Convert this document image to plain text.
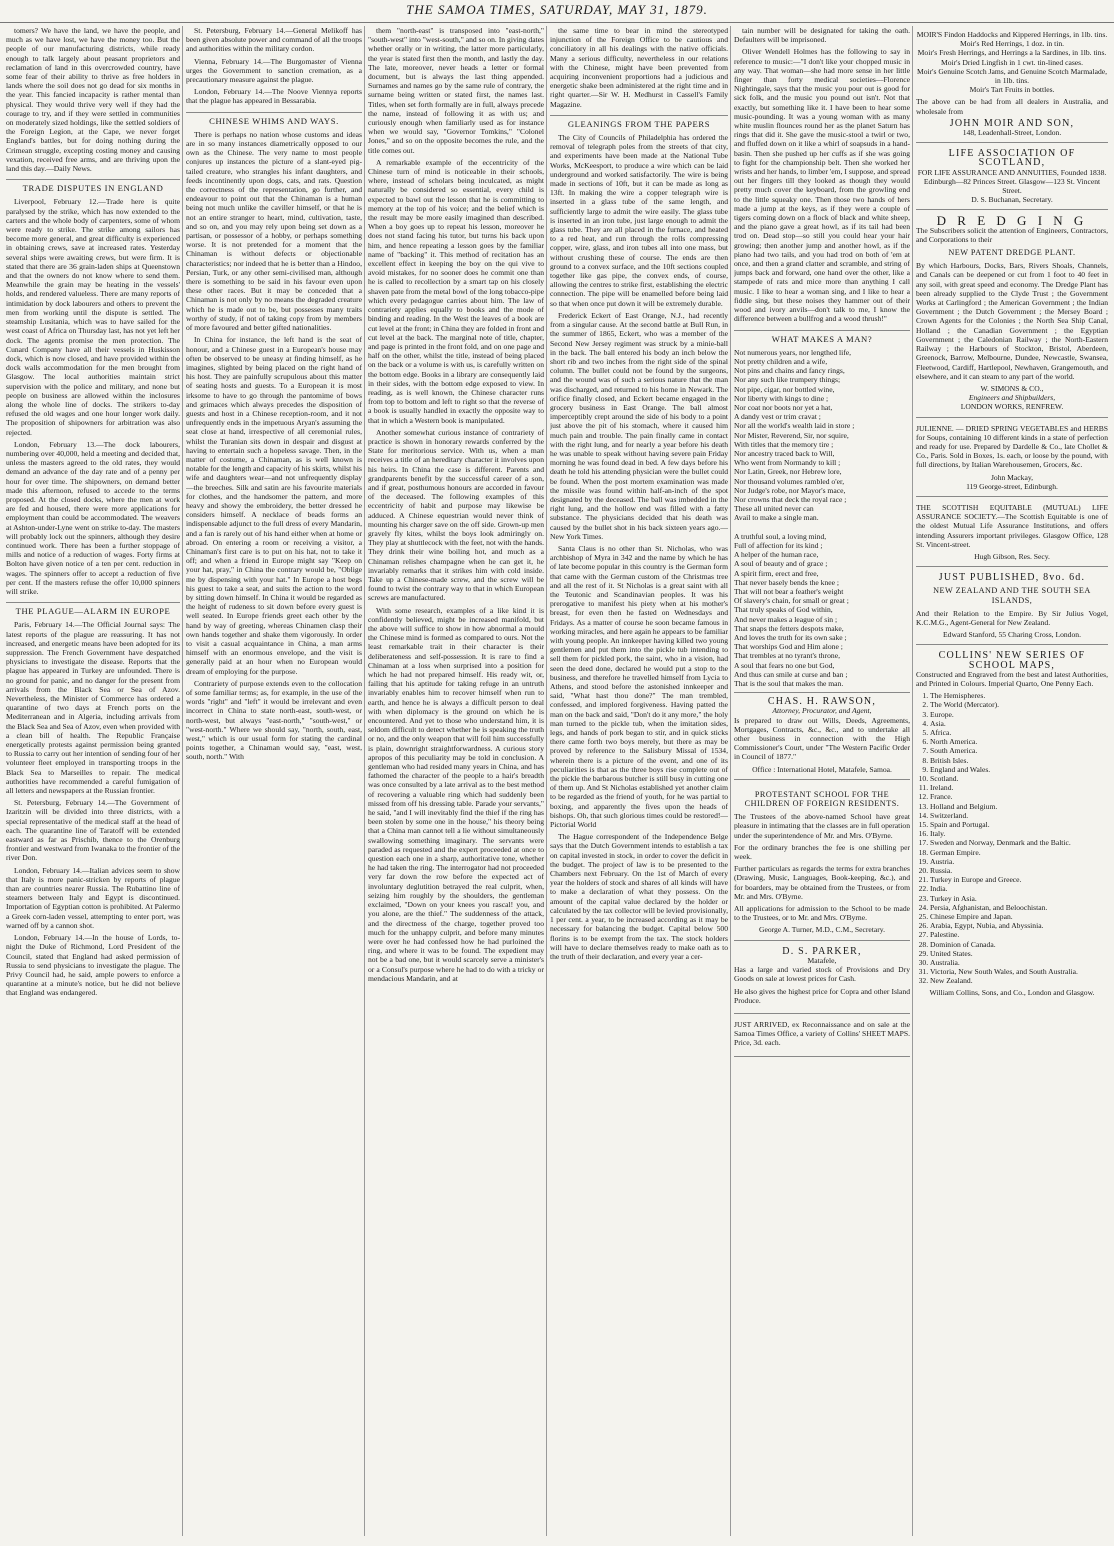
THE SAMOA TIMES, SATURDAY, MAY 31, 1879.

tomers? We have the land, we have the people, and much as we have lost, we have the money too. But the people of our manufacturing districts, while ready enough to talk largely about peasant proprietors and reclamation of land in this overcrowded country, have some fear of their ability to thrive as free holders in lands where the soil does not go dead for six months in the year. This fancied incapacity is rather mental than physical. They would thrive very well if they had the courage to try, and if they were settled in communities on moderately sized holdings, like the settled soldiers of the Foreign Legion, at the Cape, we never forget England's battles, but for doing nothing during the Crimean struggle, excepting costing money and causing vexation, received free arms, and are thriving upon the land this day.—Daily News.

TRADE DISPUTES IN ENGLAND

Liverpool, February 12.—Trade here is quite paralysed by the strike, which has now extended to the carters and the whole body of carpenters, some of whom were ready to strike. The strike among sailors has become more general, and great difficulty is experienced in obtaining crews, save at increased rates. Yesterday several ships were awaiting crews, but were firm. It is stated that there are 36 grain-laden ships at Queenstown and that the owners do not know where to send them. Meanwhile the grain may be heating in the vessels' holds, and rendered valueless. There are many reports of intimidation by dock labourers and others to prevent the men from working until the dispute is settled. The steamship Lusitania, which was to have sailed for the west coast of Africa on Thursday last, has not yet left her dock. The agents promise the men protection. The Cunard Company have all their vessels in Huskisson dock, which is now closed, and have provided within the dock walls accommodation for the men brought from Glasgow. The local authorities maintain strict supervision with the police and military, and none but people on business are allowed within the inclosures along the whole line of docks. The strikers to-day refused the old wages and one hour longer work daily. The proposition of shipowners for arbitration was also rejected.

London, February 13.—The dock labourers, numbering over 40,000, held a meeting and decided that, unless the masters agreed to the old rates, they would demand an advance of the day rate and of a penny per hour for over time. The shipowners, on demand better made this afternoon, refused to accede to the terms proposed. At the closed docks, where the men at work are fed and housed, there were more applications for employment than could be accommodated. The weavers at Ashton-under-Lyne went on strike to-day. The masters will probably lock out the spinners, although they desire continued work. There has been a further stoppage of mills and notice of a reduction of wages. Forty firms at Bolton have given notice of a ten per cent. reduction in wages. The spinners offer to accept a reduction of five per cent. If the masters refuse the offer 10,000 spinners will strike.

THE PLAGUE—ALARM IN EUROPE

Paris, February 14.—The Official Journal says: The latest reports of the plague are reassuring. It has not increased, and energetic means have been adopted for its suppression. The French Government have despatched physicians to investigate the disease. Reports that the plague has appeared in Turkey are unfounded. There is no ground for panic, and no danger for the present from arrivals from the Black Sea or Sea of Azov. Nevertheless, the Minister of Commerce has ordered a quarantine of two days at French ports on the Mediterranean and in Algeria, including arrivals from the Black Sea and Sea of Azov, even when provided with a clean bill of health. The Republic Française energetically protests against permission being granted to Russia to carry out her intention of sending four of her volunteer fleet employed in transporting troops in the Black Sea to Marseilles to repair. The medical authorities have recommended a careful fumigation of all letters and newspapers at the Russian frontier.

St. Petersburg, February 14.—The Government of Izaritzin will be divided into three districts, with a special representative of the medical staff at the head of each. The quarantine line of Taratoff will be extended eastward as far as Prischib, thence to the Orenburg frontier and westward from Iwanaka to the frontier of the river Don.

London, February 14.—Italian advices seem to show that Italy is more panic-stricken by reports of plague than are countries nearer Russia. The Rubattino line of steamers between Italy and Egypt is discontinued. Importation of Egyptian cotton is prohibited. At Palermo a Greek corn-laden vessel, attempting to enter port, was warned off by a cannon shot.

London, February 14.—In the house of Lords, to-night the Duke of Richmond, Lord President of the Council, stated that England had asked permission of Russia to send physicians to investigate the plague. The Privy Council had, he said, ample powers to enforce a quarantine at a minute's notice, but he did not believe that England was endangered.

St. Petersburg, February 14.—General Melikoff has been given absolute power and command of all the troops and authorities within the military cordon.

Vienna, February 14.—The Burgomaster of Vienna urges the Government to sanction cremation, as a precautionary measure against the plague.

London, February 14.—The Noove Viennya reports that the plague has appeared in Bessarabia.

CHINESE WHIMS AND WAYS.

There is perhaps no nation whose customs and ideas are in so many instances diametrically opposed to our own as the Chinese. The very name to most people conjures up instances the picture of a slant-eyed pig-tailed creature, who strangles his infant daughters, and feeds incontinently upon dogs, cats, and rats. Question the correctness of the representation, go further, and endeavour to point out that the Chinaman is a human being not much unlike the caviller himself, or that he is not an entire stranger to heart, mind, cultivation, taste, and so on, and you may rely upon being set down as a partisan, or possessor of a hobby, or perhaps something worse. It is not pretended for a moment that the Chinaman is without defects or objectionable characteristics; nor indeed that he is better than a Hindoo, Persian, Turk, or any other semi-civilised man, although there is something to be said in his favour even upon these other races. But it may be conceded that a Chinaman is not only by no means the degraded creature which he is made out to be, but possesses many traits worthy of study, if not of taking copy from by members of more favoured and better gifted nationalities.

In China for instance, the left hand is the seat of honour, and a Chinese guest in a European's house may often be observed to be uneasy at finding himself, as he imagines, slighted by being placed on the right hand of his host. They are painfully scrupulous about this matter of seating hosts and guests. To a European it is most irksome to have to go through the pantomime of bows and grimaces which always precedes the disposition of guests and host in a Chinese reception-room, and it not unfrequently ends in the impetuous Aryan's assuming the seat close at hand, irrespective of all ceremonial rules, whilst the Turanian sits down in despair and disgust at having to entertain such a hopeless savage. Then, in the matter of costume, a Chinaman, as is well known is notable for the length and capacity of his skirts, whilst his wife and daughters wear—and not unfrequently display—the breeches. Silk and satin are his favourite materials for clothes, and the handsomer the pattern, and more heavy and showy the embroidery, the better dressed he considers himself. A necklace of beads forms an indispensable adjunct to the full dress of every Mandarin, and a fan is rarely out of his hand either when at home or abroad. On entering a room or receiving a visitor, a Chinaman's first care is to put on his hat, not to take it off; and when a friend in Europe might say "Keep on your hat, pray," in China the contrary would be, "Oblige me by dispensing with your hat." In Europe a host begs his guest to take a seat, and suits the action to the word by sitting down himself. In China it would be regarded as the height of rudeness to sit down before every guest is well seated. In Europe friends greet each other by the hand by way of greeting, whereas Chinamen clasp their own hands together and shake them vigorously. In order to visit a casual acquaintance in China, a man arms himself with an enormous envelope, and the visit is generally paid at an hour when no European would dream of employing for the purpose.

Contrariety of purpose extends even to the collocation of some familiar terms; as, for example, in the use of the words "right" and "left" it would be irrelevant and even incorrect in China to state north-east, south-west, or north-west, but always "east-north," "south-west," or "west-north." Where we should say, "north, south, east, west," which is our usual form for stating the cardinal points together, a Chinaman would say, "east, west, south, north." With

them "north-east" is transposed into "east-north," "south-west" into "west-south," and so on. In giving dates whether orally or in writing, the latter more particularly, the year is stated first then the month, and lastly the day. The late, moreover, never heads a letter or formal document, but is always the last thing appended. Surnames and names go by the same rule of contrary, the surname being written or stated first, the names last. Titles, when set forth formally are in full, always precede the name, instead of following it as with us; and curiously enough when familiarly used as for instance when we would say, "Governor Tomkins," "Colonel Jones," and so on the opposite becomes the rule, and the title comes out.

A remarkable example of the eccentricity of the Chinese turn of mind is noticeable in their schools, where, instead of scholars being inculcated, as might naturally be considered so essential, every child is expected to bawl out the lesson that he is committing to memory at the top of his voice; and the belief which is the result may be more easily imagined than described. When a boy goes up to repeat his lesson, moreover he does not stand facing his tutor, but turns his back upon him, and hence repeating a lesson goes by the familiar name of "backing" it. This method of recitation has an excellent effect in keeping the boy on the qui vive to avoid mistakes, for no sooner does he commit one than he is called to recollection by a smart tap on his closely shaven pate from the metal bowl of the long tobacco-pipe which every pedagogue carries about him. The law of contrariety applies equally to books and the mode of binding and reading. In the West the leaves of a book are cut level at the front; in China they are folded in front and cut level at the back. The marginal note of title, chapter, and page is printed in the front fold, and on one page and half on the other, whilst the title, instead of being placed on the back or a volume is with us, is carefully written on the bottom edge. Books in a library are consequently laid in their sides, with the bottom edge exposed to view. In reading, as is well known, the Chinese character runs from top to bottom and left to right so that the reverse of a book is usually handled in exactly the opposite way to that in which a Western book is manipulated.

Another somewhat curious instance of contrariety of practice is shown in honorary rewards conferred by the State for meritorious service. With us, when a man receives a title of an hereditary character it involves upon his heirs. In China the case is different. Parents and grandparents benefit by the successful career of a son, and if great, posthumous honours are accorded in favour of the deceased. The following examples of this eccentricity of habit and purpose may likewise be adduced. A Chinese equestrian would never think of mounting his charger save on the off side. Grown-up men gravely fly kites, whilst the boys look admiringly on. They play at shuttlecock with the feet, not with the hands. They drink their wine boiling hot, and much as a Chinaman relishes champagne when he can get it, he invariably remarks that it strikes him with cold inside. Take up a Chinese-made screw, and the screw will be found to twist the contrary way to that in which European screws are manufactured.

With some research, examples of a like kind it is confidently believed, might be increased manifold, but the above will suffice to show in how abnormal a mould the Chinese mind is formed as compared to ours. Not the least remarkable trait in their character is their deliberateness and self-possession. It is rare to find a Chinaman at a loss when surprised into a position for which he had not prepared himself. His ready wit, or, failing that his aptitude for taking refuge in an untruth invariably enables him to recover himself when run to earth, and hence he is always a difficult person to deal with when diplomacy is the ground on which he is encountered. And yet to those who understand him, it is seldom difficult to detect whether he is speaking the truth or no, and the only weapon that will foil him successfully is plain, downright straightforwardness. A curious story apropos of this peculiarity may be told in conclusion. A gentleman who had resided many years in China, and has fathomed the character of the people to a hair's breadth was once consulted by a late arrival as to the best method of recovering a valuable ring which had suddenly been missed from off his dressing table. Parade your servants," he said, "and I will inevitably find the thief if the ring has been stolen by some one in the house," his theory being that a China man cannot tell a lie without simultaneously swallowing something imaginary. The servants were paraded as requested and the expert proceeded at once to question each one in a sharp, authoritative tone, whether he had taken the ring. The interrogator had not proceeded very far down the row before the expected act of involuntary deglutition betrayed the real culprit, when, seizing him roughly by the shoulders, the gentleman exclaimed, "Down on your knees you rascal! you, and you alone, are the thief." The suddenness of the attack, and the directness of the charge, together proved too much for the unhappy culprit, and before many minutes were over he had confessed how he had purloined the ring, and where it was to be found. The expedient may not be a bad one, but it would scarcely serve a minister's or a Consul's purpose where he had to do with a tricky or mendacious Mandarin, and at

the same time to bear in mind the stereotyped injunction of the Foreign Office to be cautious and conciliatory in all his dealings with the native officials. Many a serious difficulty, nevertheless in our relations with the Chinese, might have been prevented from acquiring inconvenient proportions had a judicious and energetic shake been administered at the right time and in right quarter.—Sir W. H. Medhurst in Cassell's Family Magazine.

GLEANINGS FROM THE PAPERS

The City of Councils of Philadelphia has ordered the removal of telegraph poles from the streets of that city, and experiments have been made at the National Tube Works, McKeesport, to produce a wire which can be laid underground and worked satisfactorily. The wire is being made in sections of 10ft, but it can be made as long as 13ft. In making the wire a copper telegraph wire is inserted in a glass tube of the same length, and sufficiently large to admit the wire easily. The glass tube is inserted in an iron tube, just large enough to admit the glass tube. They are all placed in the furnace, and heated to a red heat, and run through the rolls compressing copper, wire, glass, and iron tubes all into one mass, but without crushing these of course. The ends are then ground to a convex surface, and the 10ft sections coupled together like gas pipe, the convex ends, of course, allowing the centres to strike first, establishing the electric connection. The pipe will be enamelled before being laid so that when once put down it will be extremely durable.

Frederick Eckert of East Orange, N.J., had recently from a singular cause. At the second battle at Bull Run, in the summer of 1865, Eckert, who was a member of the Second New Jersey regiment was struck by a minie-ball in the back. The ball entered his body an inch below the short rib and two inches from the right side of the spinal column. The bullet could not be found by the surgeons, and the wound was of such a serious nature that the man was discharged, and returned to his home in Newark. The orifice finally closed, and Eckert became engaged in the grocery business in East Orange. The ball almost imperceptibly crept around the side of his body to a point just above the pit of his stomach, where it caused him much pain and trouble. The pain finally came in contact with the right lung, and for nearly a year before his death he was unable to speak without having severe pain Friday morning he was found dead in bed. A few days before his death he told his attending physician were the bullet could be found. When the post mortem examination was made the missile was found within half-an-inch of the spot designated by the deceased. The ball was imbedded in the right lung, and the hollow end was filled with a fatty substance. The physicians decided that his death was caused by the bullet shot in his back sixteen years ago.—New York Times.

Santa Claus is no other than St. Nicholas, who was archbishop of Myra in 342 and the name by which he has of late become popular in this country is the German form that came with the German custom of the Christmas tree and all the rest of it. St Nicholas is a great saint with all the Teutonic and Scandinavian peoples. It was his prerogative to manifest his piety when at his mother's breast, for even then he fasted on Wednesdays and Fridays. As a matter of course he soon became famous in working miracles, and here again he appears to be familiar with young people. An innkeeper having killed two young gentlemen and put them into the pickle tub intending to sell them for pickled pork, the saint, who in a vision, had seen the deed done, declared he would put a stop to the business, and therefore he travelled himself from Lycia to Athens, and stood before the astonished innkeeper and said, "What hast thou done?" The man trembled, confessed, and implored forgiveness. Having patted the man on the back and said, "Don't do it any more," the holy man turned to the pickle tub, when the imitation sides, legs, and hands of pork began to stir, and in quick sticks there came forth two boys merely, but there as may be proved by reference to the Salisbury Missal of 1534, wherein there is a picture of the event, and one of its peculiarities is that as the three boys rise complete out of the pickle the barbarous butcher is still busy in cutting one of them up. And St Nicholas established yet another claim to be regarded as the friend of youth, for he was partial to boxing, and apparently the fives upon the heads of bishops. Oh, that such glorious times could be restored!—Pictorial World

The Hague correspondent of the Independence Belge says that the Dutch Government intends to establish a tax on capital invested in stock, in order to cover the deficit in the budget. The project of law is to be presented to the Chambers next February. On the 1st of March of every year the holders of stock and shares of all kinds will have to make a declaration of what they possess. On the amount of the capital value declared by the holder or calculated by the tax collector will be levied provisionally, 1 per cent. a year, to be increased according as it may be necessary for balancing the budget. Capital below 500 florins is to be exempt from the tax. The stock holders will have to declare themselves ready to make oath as to the truth of their declaration, and every year a cer-

tain number will be designated for taking the oath. Defaulters will be imprisoned.

Oliver Wendell Holmes has the following to say in reference to music:—"I don't like your chopped music in any way. That woman—she had more sense in her little finger than forty medical societies—Florence Nightingale, says that the music you pour out is good for sick folk, and the music you pound out isn't. Not that exactly, but something like it. I have been to hear some music-pounding. It was a young woman with as many white muslin flounces round her as the planet Saturn has rings that did it. She gave the music-stool a twirl or two, and fluffed down on it like a whirl of soapsuds in a hand-basin. Then she pushed up her cuffs as if she was going to fight for the championship belt. Then she worked her wrists and her hands, to limber 'em, I suppose, and spread out her fingers till they looked as though they would pretty much cover the keyboard, from the growling end to the little squeaky one. Then those two hands of hers made a jump at the keys, as if they were a couple of tigers coming down on a flock of black and white sheep, and the piano gave a great howl, as if its tail had been trod on. Dead stop—so still you could hear your hair growing; then another jump and another howl, as if the piano had two tails, and you had trod on both of 'em at once, and then a grand clatter and scramble, and string of jumps back and forward, one hand over the other, like a stampede of rats and mice more than anything I call music. I like to hear a woman sing, and I like to hear a fiddle sing, but these noises they hammer out of their wood and ivory anvils—don't talk to me, I know the difference between a bullfrog and a wood thrush!"

WHAT MAKES A MAN?

Not numerous years, nor lengthed life,

Not pretty children and a wife,

Not pins and chains and fancy rings,

Nor any such like trumpery things;

Not pipe, cigar, nor bottled wine,

Nor liberty with kings to dine ;

Nor coat nor boots nor yet a hat,

A dandy vest or trim cravat ;

Nor all the world's wealth laid in store ;

Nor Mister, Reverend, Sir, nor squire,

With titles that the memory tire ;

Nor ancestry traced back to Will,

Who went from Normandy to kill ;

Nor Latin, Greek, nor Hebrew lore,

Nor thousand volumes rambled o'er,

Nor Judge's robe, nor Mayor's mace,

Nor crowns that deck the royal race ;

These all united never can

Avail to make a single man.

A truthful soul, a loving mind,

Full of affection for its kind ;

A helper of the human race,

A soul of beauty and of grace ;

A spirit firm, erect and free,

That never basely bends the knee ;

That will not bear a feather's weight

Of slavery's chain, for small or great ;

That truly speaks of God within,

And never makes a league of sin ;

That snaps the fetters despots make,

And loves the truth for its own sake ;

That worships God and Him alone ;

That trembles at no tyrant's throne,

A soul that fears no one but God,

And thus can smile at curse and ban ;

That is the soul that makes the man.

CHAS. H. RAWSON,
Attorney, Procurator, and Agent,

Is prepared to draw out Wills, Deeds, Agreements, Mortgages, Contracts, &c., &c., and to undertake all other business in connection with the High Commissioner's Court, under "The Western Pacific Order in Council of 1877."

Office : International Hotel, Matafele, Samoa.
PROTESTANT SCHOOL FOR THE CHILDREN OF FOREIGN RESIDENTS.

The Trustees of the above-named School have great pleasure in intimating that the classes are in full operation under the superintendence of Mr. and Mrs. O'Byrne.

For the ordinary branches the fee is one shilling per week.

Further particulars as regards the terms for extra branches (Drawing, Music, Languages, Book-keeping, &c.), and for boarders, may be obtained from the Trustees, or from Mr. and Mrs. O'Byrne.

All applications for admission to the School to be made to the Trustees, or to Mr. and Mrs. O'Byrne.

George A. Turner, M.D., C.M., Secretary.
D. S. PARKER,
Matafele,

Has a large and varied stock of Provisions and Dry Goods on sale at lowest prices for Cash.

He also gives the highest price for Copra and other Island Produce.

JUST ARRIVED, ex Reconnaissance and on sale at the Samoa Times Office, a variety of Collins' SHEET MAPS. Price, 3d. each.

MOIR'S Findon Haddocks and Kippered Herrings, in 1lb. tins.
Moir's Red Herrings, 1 doz. in tin.
Moir's Fresh Herrings, and Herrings a la Sardines, in 1lb. tins.
Moir's Dried Lingfish in 1 cwt. tin-lined cases.
Moir's Genuine Scotch Jams, and Genuine Scotch Marmalade, in 1lb. tins.
Moir's Tart Fruits in bottles.

The above can be had from all dealers in Australia, and wholesale from

JOHN MOIR AND SON,
148, Leadenhall-Street, London.
LIFE ASSOCIATION OF SCOTLAND,
FOR LIFE ASSURANCE AND ANNUITIES, Founded 1838.
Edinburgh—82 Princes Street. Glasgow—123 St. Vincent Street.
D. S. Buchanan, Secretary.
D R E D G I N G

The Subscribers solicit the attention of Engineers, Contractors, and Corporations to their

NEW PATENT DREDGE PLANT.

By which Harbours, Docks, Bars, Rivers Shoals, Channels, and Canals can be deepened or cut from 1 foot to 40 feet in any soil, with great speed and economy. The Dredge Plant has been already supplied to the Clyde Trust ; the Government Works at Carlingford ; the American Government ; the Indian Government ; the Dutch Government ; the Mersey Board ; Crown Agents for the Colonies ; the North Sea Ship Canal, Holland ; the Canadian Government ; the Egyptian Government ; the Caledonian Railway ; the North-Eastern Railway ; the Harbours of Stockton, Bristol, Aberdeen, Greenock, Barrow, Melbourne, Dundee, Newcastle, Swansea, Fleetwood, Cardiff, Hartlepool, Newhaven, Grangemouth, and elsewhere, and it can steam to any part of the world.

W. SIMONS & CO.,
Engineers and Shipbuilders,
LONDON WORKS, RENFREW.

JULIENNE. — DRIED SPRING VEGETABLES and HERBS for Soups, containing 10 different kinds in a state of perfection and ready for use. Prepared by Dardelle & Co., late Chollet & Co., Paris. Sold in Boxes, 1s. each, or loose by the pound, with full directions, by Italian Warehousemen, Grocers, &c.

John Mackay,
119 George-street, Edinburgh.

THE SCOTTISH EQUITABLE (MUTUAL) LIFE ASSURANCE SOCIETY.—The Scottish Equitable is one of the oldest Mutual Life Assurance Institutions, and offers intending Assurers important privileges. Glasgow Office, 128 St. Vincent-street.

Hugh Gibson, Res. Secy.
JUST PUBLISHED, 8vo. 6d.
NEW ZEALAND AND THE SOUTH SEA ISLANDS,

And their Relation to the Empire. By Sir Julius Vogel, K.C.M.G., Agent-General for New Zealand.

Edward Stanford, 55 Charing Cross, London.
COLLINS' NEW SERIES OF SCHOOL MAPS,

Constructed and Engraved from the best and latest Authorities, and Printed in Colours. Imperial Quarto, One Penny Each.

1. The Hemispheres.
2. The World (Mercator).
3. Europe.
4. Asia.
5. Africa.
6. North America.
7. South America.
8. British Isles.
9. England and Wales.
10. Scotland.
11. Ireland.
12. France.
13. Holland and Belgium.
14. Switzerland.
15. Spain and Portugal.
16. Italy.
17. Sweden and Norway, Denmark and the Baltic.
18. German Empire.
19. Austria.
20. Russia.
21. Turkey in Europe and Greece.
22. India.
23. Turkey in Asia.
24. Persia, Afghanistan, and Beloochistan.
25. Chinese Empire and Japan.
26. Arabia, Egypt, Nubia, and Abyssinia.
27. Palestine.
28. Dominion of Canada.
29. United States.
30. Australia.
31. Victoria, New South Wales, and South Australia.
32. New Zealand.
William Collins, Sons, and Co., London and Glasgow.
